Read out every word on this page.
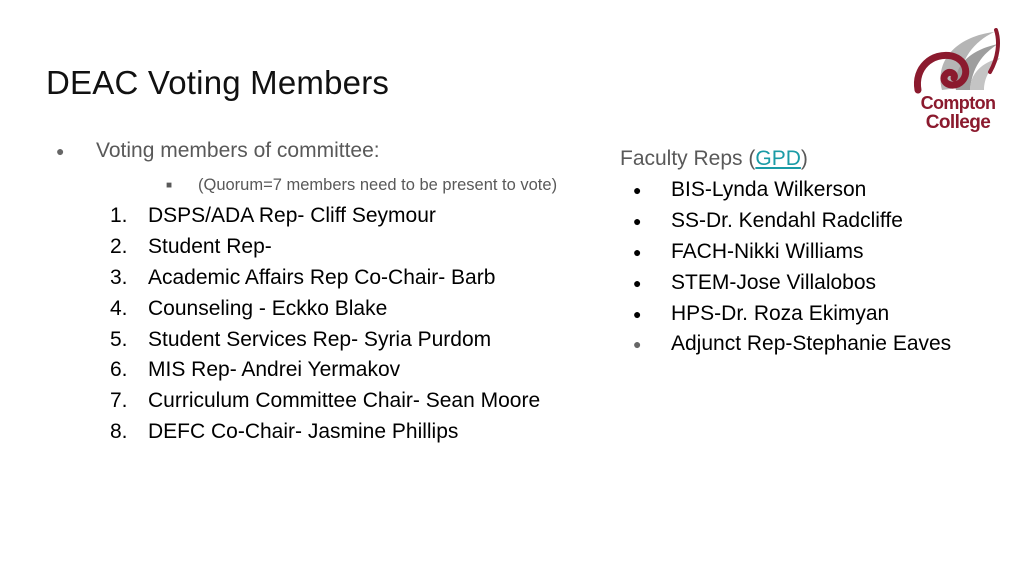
DEAC Voting Members
Compton
College
●	Voting members of committee:
■	(Quorum=7 members need to be present to vote)
1. DSPS/ADA Rep- Cliff Seymour
2. Student Rep-
3. Academic Affairs Rep Co-Chair- Barb
4. Counseling - Eckko Blake
5. Student Services Rep- Syria Purdom
6. MIS Rep- Andrei Yermakov
7. Curriculum Committee Chair- Sean Moore
8. DEFC Co-Chair- Jasmine Phillips
Faculty Reps (GPD)
●	BIS-Lynda Wilkerson
●	SS-Dr. Kendahl Radcliffe
●	FACH-Nikki Williams
●	STEM-Jose Villalobos
●	HPS-Dr. Roza Ekimyan
●	Adjunct Rep-Stephanie Eaves
